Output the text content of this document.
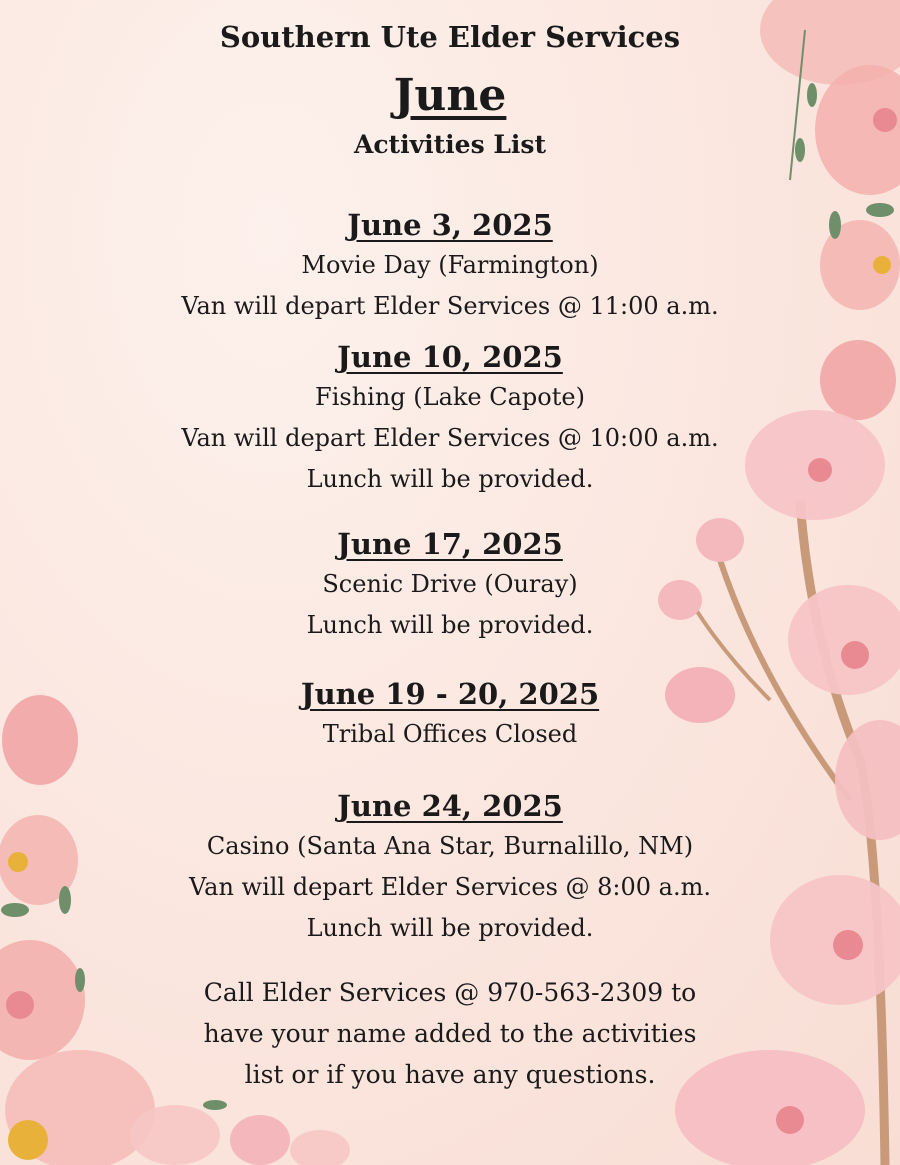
Southern Ute Elder Services
June
Activities List
June 3, 2025
Movie Day (Farmington)
Van will depart Elder Services @ 11:00 a.m.
June 10, 2025
Fishing (Lake Capote)
Van will depart Elder Services @ 10:00 a.m.
Lunch will be provided.
June 17, 2025
Scenic Drive (Ouray)
Lunch will be provided.
June 19 - 20, 2025
Tribal Offices Closed
June 24, 2025
Casino (Santa Ana Star, Burnalillo, NM)
Van will depart Elder Services @ 8:00 a.m.
Lunch will be provided.
Call Elder Services @ 970-563-2309 to
have your name added to the activities
list or if you have any questions.
